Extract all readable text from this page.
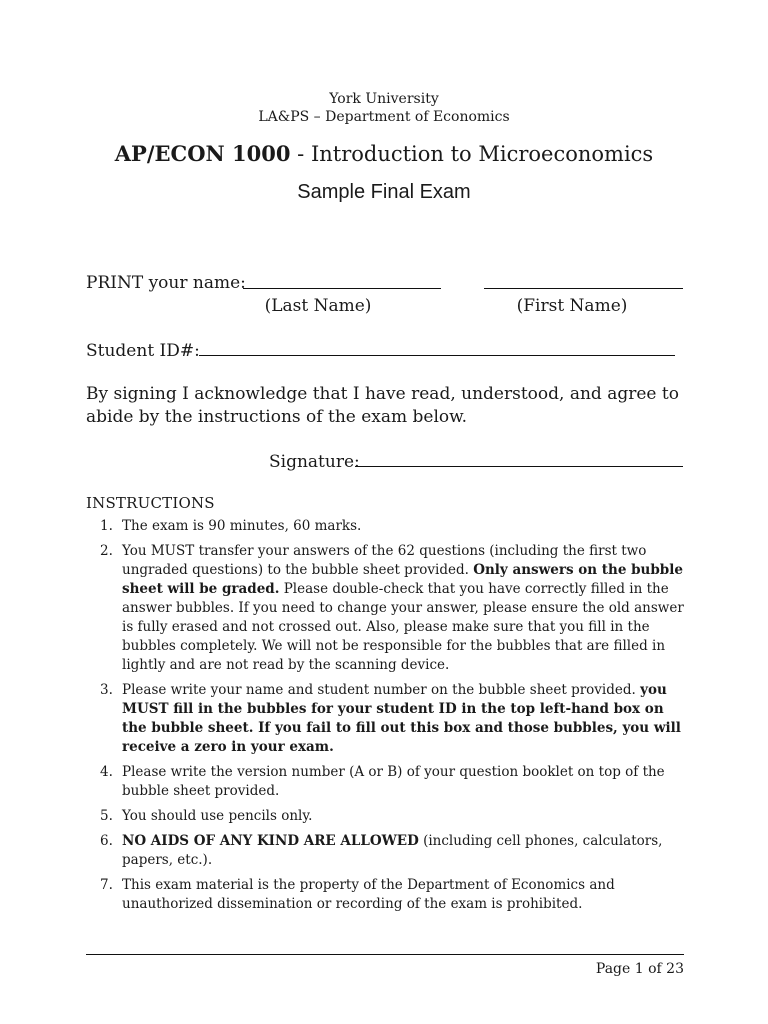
York University
LA&PS – Department of Economics
AP/ECON 1000 - Introduction to Microeconomics
Sample Final Exam
PRINT your name:
(Last Name)	(First Name)
Student ID#:
By signing I acknowledge that I have read, understood, and agree to abide by the instructions of the exam below.
Signature:
INSTRUCTIONS
1. The exam is 90 minutes, 60 marks.
2. You MUST transfer your answers of the 62 questions (including the first two ungraded questions) to the bubble sheet provided. Only answers on the bubble sheet will be graded. Please double-check that you have correctly filled in the answer bubbles. If you need to change your answer, please ensure the old answer is fully erased and not crossed out. Also, please make sure that you fill in the bubbles completely. We will not be responsible for the bubbles that are filled in lightly and are not read by the scanning device.
3. Please write your name and student number on the bubble sheet provided. you MUST fill in the bubbles for your student ID in the top left-hand box on the bubble sheet. If you fail to fill out this box and those bubbles, you will receive a zero in your exam.
4. Please write the version number (A or B) of your question booklet on top of the bubble sheet provided.
5. You should use pencils only.
6. NO AIDS OF ANY KIND ARE ALLOWED (including cell phones, calculators, papers, etc.).
7. This exam material is the property of the Department of Economics and unauthorized dissemination or recording of the exam is prohibited.
Page 1 of 23
